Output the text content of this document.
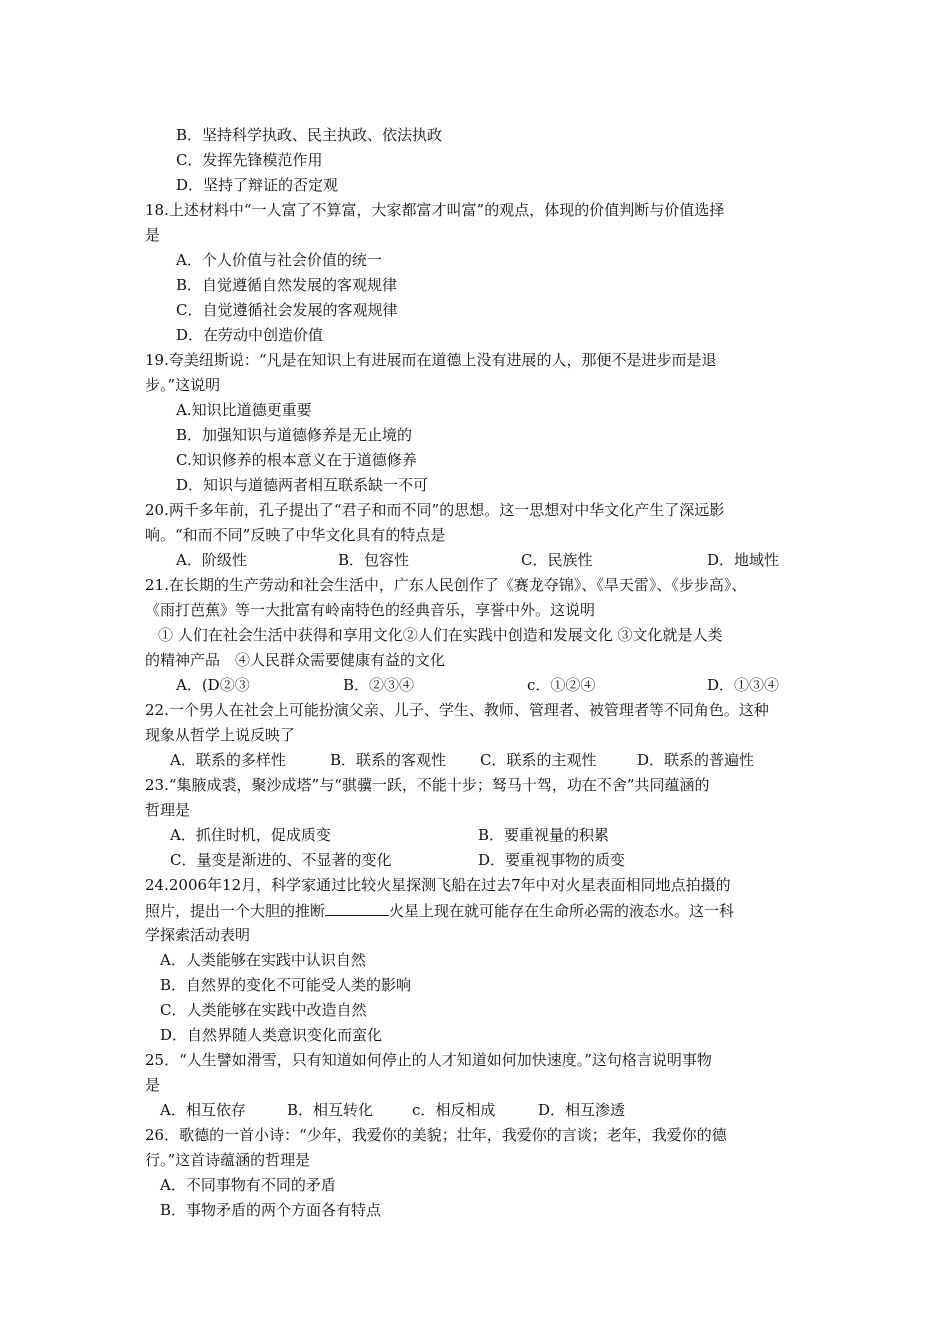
B．坚持科学执政、民主执政、依法执政
C．发挥先锋模范作用
D．坚持了辩证的否定观
18.上述材料中“一人富了不算富，大家都富才叫富”的观点，体现的价值判断与价值选择
是
A．个人价值与社会价值的统一
B．自觉遵循自然发展的客观规律
C．自觉遵循社会发展的客观规律
D．在劳动中创造价值
19.夸美纽斯说：“凡是在知识上有进展而在道德上没有进展的人，那便不是进步而是退
步。”这说明
A.知识比道德更重要
B．加强知识与道德修养是无止境的
C.知识修养的根本意义在于道德修养
D．知识与道德两者相互联系缺一不可
20.两千多年前，孔子提出了“君子和而不同”的思想。这一思想对中华文化产生了深远影
响。“和而不同”反映了中华文化具有的特点是
A．阶级性	B．包容性	C．民族性	D．地域性
21.在长期的生产劳动和社会生活中，广东人民创作了《赛龙夺锦》、《旱天雷》、《步步高》、
《雨打芭蕉》等一大批富有岭南特色的经典音乐，享誉中外。这说明
① 人们在社会生活中获得和享用文化②人们在实践中创造和发展文化 ③文化就是人类
的精神产品　④人民群众需要健康有益的文化
A．(D②③	B．②③④	c．①②④	D．①③④
22.一个男人在社会上可能扮演父亲、儿子、学生、教师、管理者、被管理者等不同角色。这种
现象从哲学上说反映了
A．联系的多样性	B．联系的客观性 C．联系的主观性	D．联系的普遍性
23.“集腋成裘，聚沙成塔”与“骐骥一跃，不能十步；驽马十驾，功在不舍”共同蕴涵的
哲理是
A．抓住时机，促成质变	B．要重视量的积累
C．量变是渐进的、不显著的变化	D．要重视事物的质变
24.2006年12月，科学家通过比较火星探测飞船在过去7年中对火星表面相同地点拍摄的
照片，提出一个大胆的推断	火星上现在就可能存在生命所必需的液态水。这一科
学探索活动表明
A．人类能够在实践中认识自然
B．自然界的变化不可能受人类的影响
C．人类能够在实践中改造自然
D．自然界随人类意识变化而蛮化
25．“人生譬如滑雪，只有知道如何停止的人才知道如何加快速度。”这句格言说明事物
是
A．相互依存	B．相互转化	c．相反相成	D．相互渗透
26．歌德的一首小诗：“少年，我爱你的美貌；壮年，我爱你的言谈；老年，我爱你的德
行。”这首诗蕴涵的哲理是
A．不同事物有不同的矛盾
B．事物矛盾的两个方面各有特点
